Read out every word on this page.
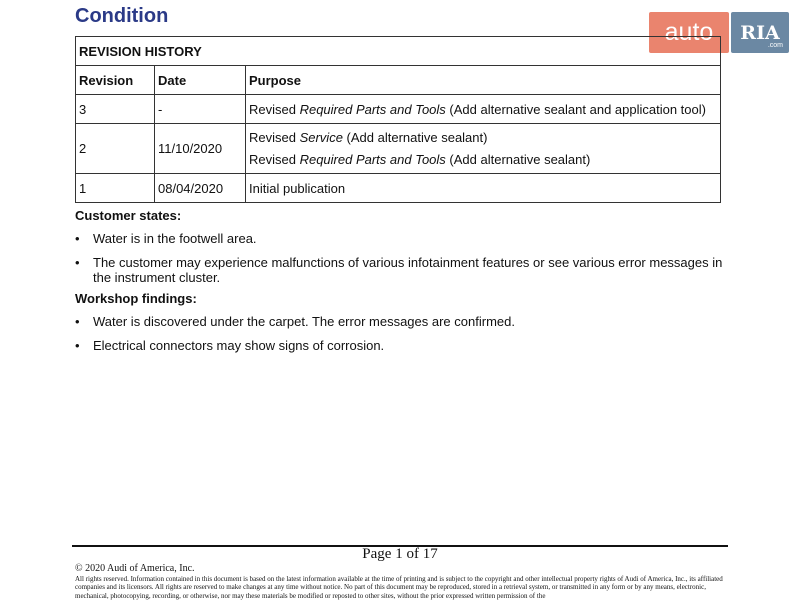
Condition
auto	RIA
.com
REVISION HISTORY		
Revision	Date	Purpose
3	-	Revised Required Parts and Tools (Add alternative sealant and application tool)
2	11/10/2020	Revised Service (Add alternative sealant)
Revised Required Parts and Tools (Add alternative sealant)

1	08/04/2020	Initial publication
Customer states:
• Water is in the footwell area.
• The customer may experience malfunctions of various infotainment features or see various error messages in the instrument cluster.
Workshop findings:
• Water is discovered under the carpet. The error messages are confirmed.
• Electrical connectors may show signs of corrosion.
Page 1 of 17
© 2020 Audi of America, Inc.
All rights reserved. Information contained in this document is based on the latest information available at the time of printing and is subject to the copyright and other intellectual property rights of Audi of America, Inc., its affiliated companies and its licensors. All rights are reserved to make changes at any time without notice. No part of this document may be reproduced, stored in a retrieval system, or transmitted in any form or by any means, electronic, mechanical, photocopying, recording, or otherwise, nor may these materials be modified or reposted to other sites, without the prior expressed written permission of the
